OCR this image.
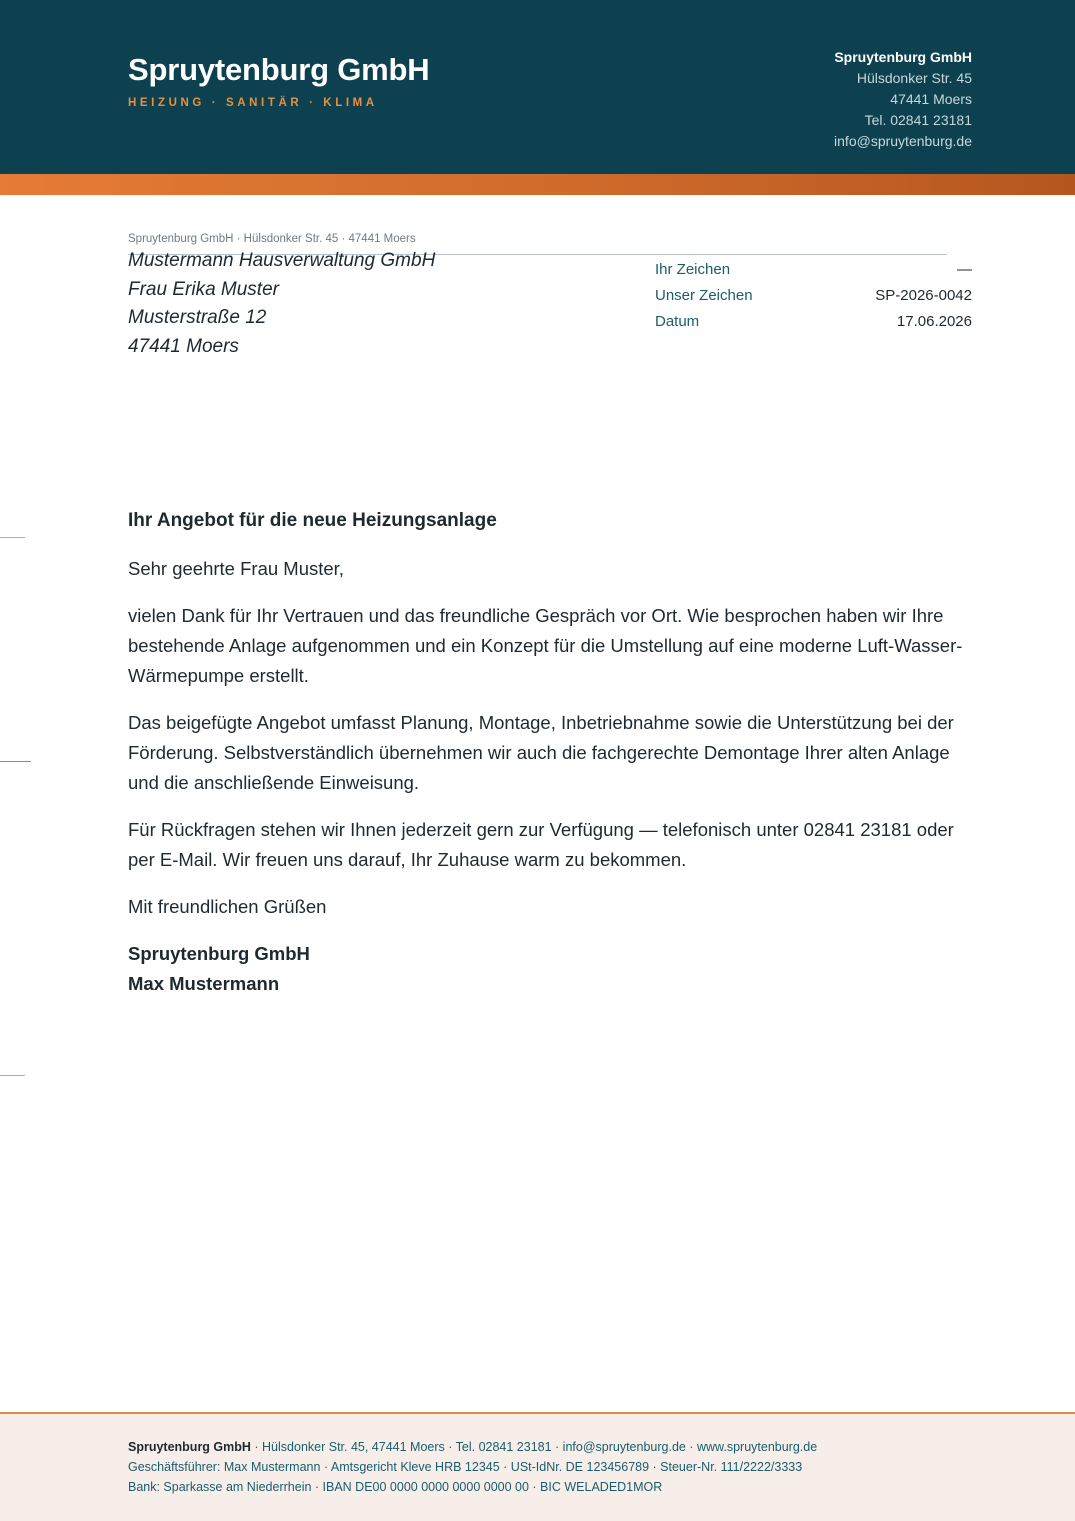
Spruytenburg GmbH
HEIZUNG · SANITÄR · KLIMA
Spruytenburg GmbH
Hülsdonker Str. 45
47441 Moers
Tel. 02841 23181
info@spruytenburg.de
Spruytenburg GmbH · Hülsdonker Str. 45 · 47441 Moers
Mustermann Hausverwaltung GmbH
Frau Erika Muster
Musterstraße 12
47441 Moers
Ihr Zeichen	—
Unser Zeichen	SP-2026-0042
Datum	17.06.2026
Ihr Angebot für die neue Heizungsanlage

Sehr geehrte Frau Muster,

vielen Dank für Ihr Vertrauen und das freundliche Gespräch vor Ort. Wie besprochen haben wir Ihre bestehende Anlage aufgenommen und ein Konzept für die Umstellung auf eine moderne Luft-Wasser-Wärmepumpe erstellt.

Das beigefügte Angebot umfasst Planung, Montage, Inbetriebnahme sowie die Unterstützung bei der Förderung. Selbstverständlich übernehmen wir auch die fachgerechte Demontage Ihrer alten Anlage und die anschließende Einweisung.

Für Rückfragen stehen wir Ihnen jederzeit gern zur Verfügung — telefonisch unter 02841 23181 oder per E-Mail. Wir freuen uns darauf, Ihr Zuhause warm zu bekommen.

Mit freundlichen Grüßen

Spruytenburg GmbH
Max Mustermann
Spruytenburg GmbH · Hülsdonker Str. 45, 47441 Moers · Tel. 02841 23181 · info@spruytenburg.de · www.spruytenburg.de
Geschäftsführer: Max Mustermann · Amtsgericht Kleve HRB 12345 · USt-IdNr. DE 123456789 · Steuer-Nr. 111/2222/3333
Bank: Sparkasse am Niederrhein · IBAN DE00 0000 0000 0000 0000 00 · BIC WELADED1MOR
